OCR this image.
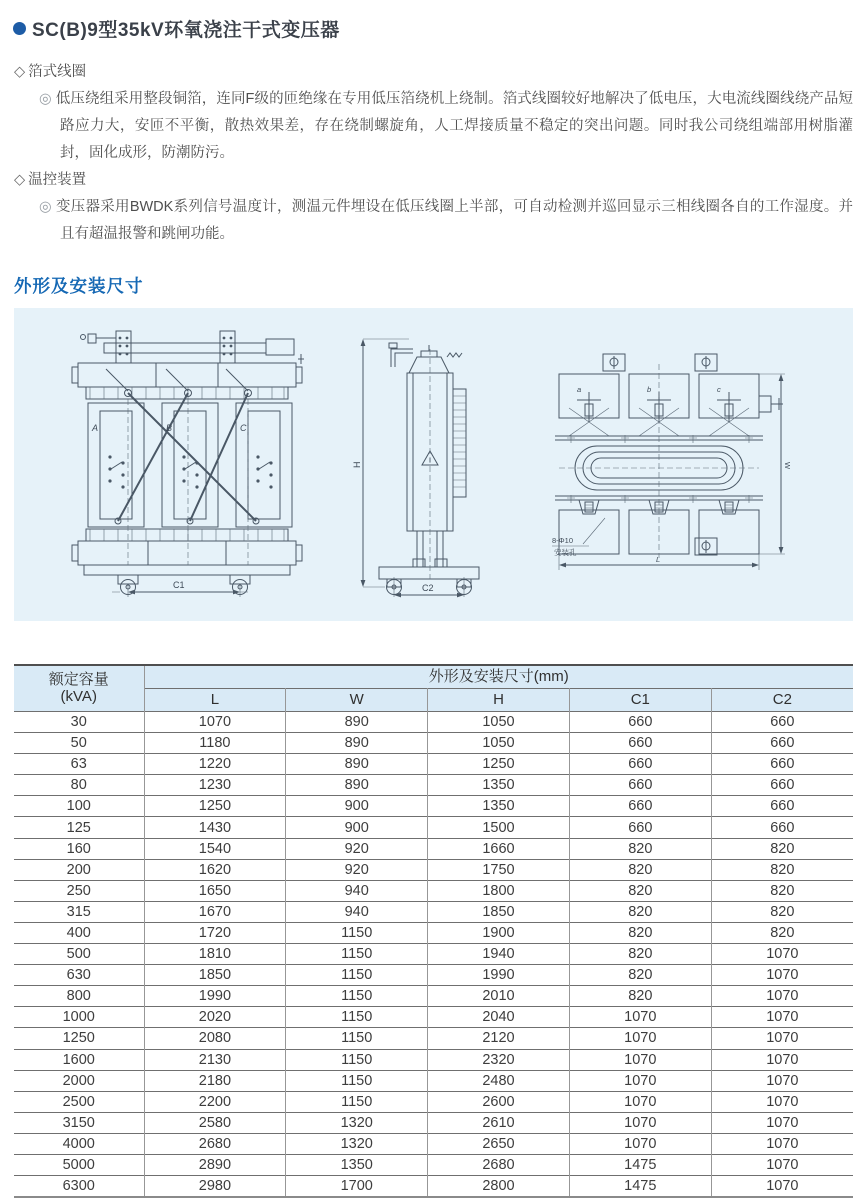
SC(B)9型35kV环氧浇注干式变压器
◇ 箔式线圈
◎ 低压绕组采用整段铜箔，连同F级的匝绝缘在专用低压箔绕机上绕制。箔式线圈较好地解决了低电压，大电流线圈线绕产品短路应力大，安匝不平衡，散热效果差，存在绕制螺旋角，人工焊接质量不稳定的突出问题。同时我公司绕组端部用树脂灌封，固化成形，防潮防污。
◇ 温控装置
◎ 变压器采用BWDK系列信号温度计，测温元件埋设在低压线圈上半部，可自动检测并巡回显示三相线圈各自的工作湿度。并且有超温报警和跳闸功能。
外形及安装尺寸
C1
A	B	C
H
C2
a	b	c
W
L
8-Φ10
安装孔
额定容量
(kVA)	外形及安装尺寸(mm)				
	L	W	H	C1	C2
30	1070	890	1050	660	660
50	1180	890	1050	660	660
63	1220	890	1250	660	660
80	1230	890	1350	660	660
100	1250	900	1350	660	660
125	1430	900	1500	660	660
160	1540	920	1660	820	820
200	1620	920	1750	820	820
250	1650	940	1800	820	820
315	1670	940	1850	820	820
400	1720	1150	1900	820	820
500	1810	1150	1940	820	1070
630	1850	1150	1990	820	1070
800	1990	1150	2010	820	1070
1000	2020	1150	2040	1070	1070
1250	2080	1150	2120	1070	1070
1600	2130	1150	2320	1070	1070
2000	2180	1150	2480	1070	1070
2500	2200	1150	2600	1070	1070
3150	2580	1320	2610	1070	1070
4000	2680	1320	2650	1070	1070
5000	2890	1350	2680	1475	1070
6300	2980	1700	2800	1475	1070
